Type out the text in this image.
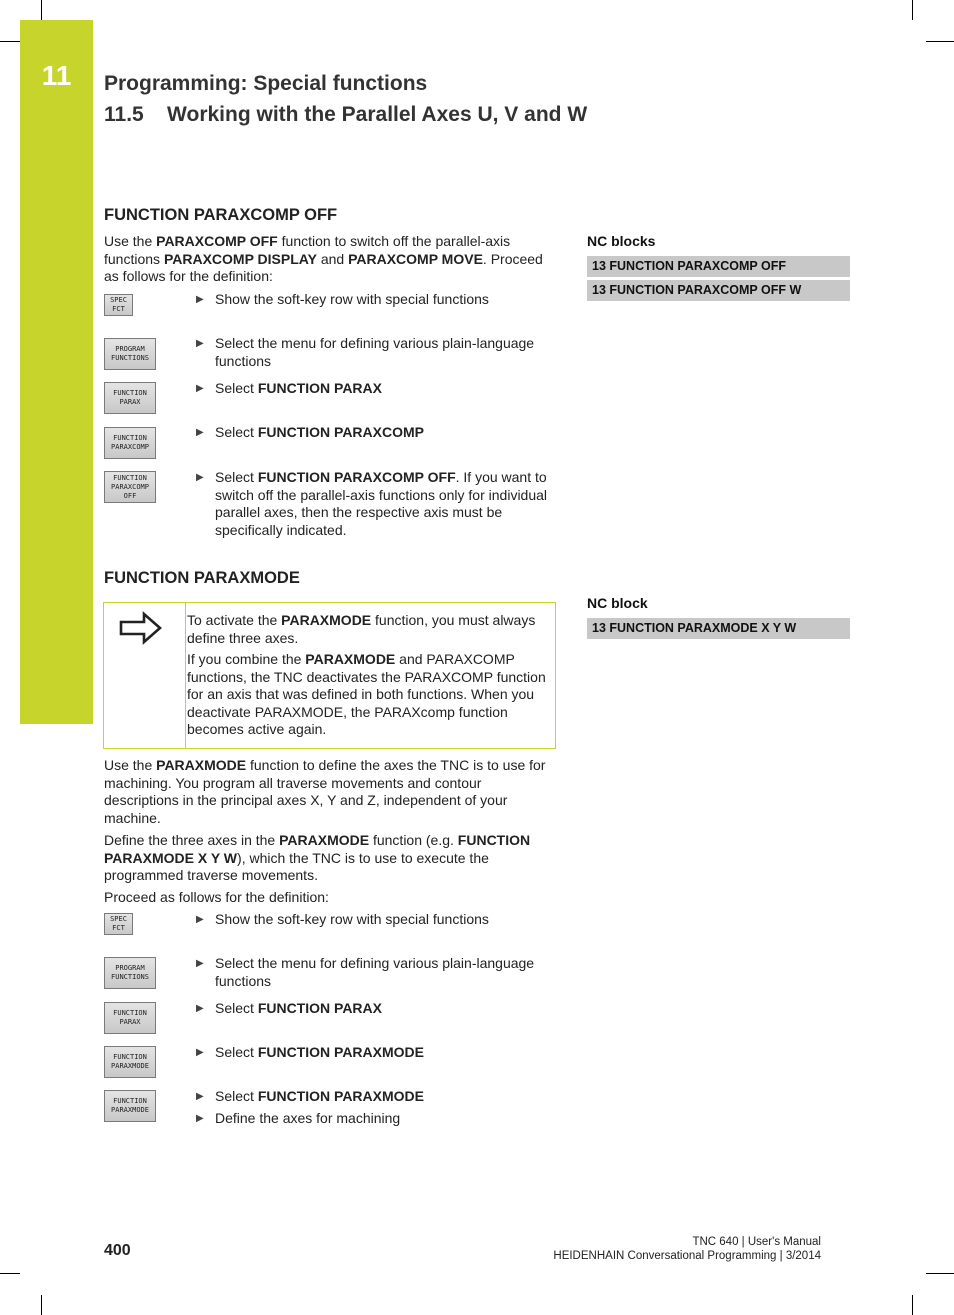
11	Programming: Special functions
11.5    Working with the Parallel Axes U, V and W
FUNCTION PARAXCOMP OFF
Use the PARAXCOMP OFF function to switch off the parallel-axis functions PARAXCOMP DISPLAY and PARAXCOMP MOVE. Proceed as follows for the definition:
SPEC
FCT
▶ Show the soft-key row with special functions
PROGRAM
FUNCTIONS
▶ Select the menu for defining various plain-language functions
FUNCTION
PARAX
▶ Select FUNCTION PARAX
FUNCTION
PARAXCOMP
▶ Select FUNCTION PARAXCOMP
FUNCTION
PARAXCOMP
OFF
▶ Select FUNCTION PARAXCOMP OFF. If you want to switch off the parallel-axis functions only for individual parallel axes, then the respective axis must be specifically indicated.
NC blocks
13 FUNCTION PARAXCOMP OFF
13 FUNCTION PARAXCOMP OFF W
FUNCTION PARAXMODE
To activate the PARAXMODE function, you must always define three axes.
If you combine the PARAXMODE and PARAXCOMP functions, the TNC deactivates the PARAXCOMP function for an axis that was defined in both functions. When you deactivate PARAXMODE, the PARAXcomp function becomes active again.
Use the PARAXMODE function to define the axes the TNC is to use for machining. You program all traverse movements and contour descriptions in the principal axes X, Y and Z, independent of your machine.
Define the three axes in the PARAXMODE function (e.g. FUNCTION PARAXMODE X Y W), which the TNC is to use to execute the programmed traverse movements.
Proceed as follows for the definition:
SPEC
FCT
▶ Show the soft-key row with special functions
PROGRAM
FUNCTIONS
▶ Select the menu for defining various plain-language functions
FUNCTION
PARAX
▶ Select FUNCTION PARAX
FUNCTION
PARAXMODE
▶ Select FUNCTION PARAXMODE
FUNCTION
PARAXMODE
▶ Select FUNCTION PARAXMODE
▶ Define the axes for machining
NC block
13 FUNCTION PARAXMODE X Y W
400	TNC 640 | User's Manual
HEIDENHAIN Conversational Programming | 3/2014
